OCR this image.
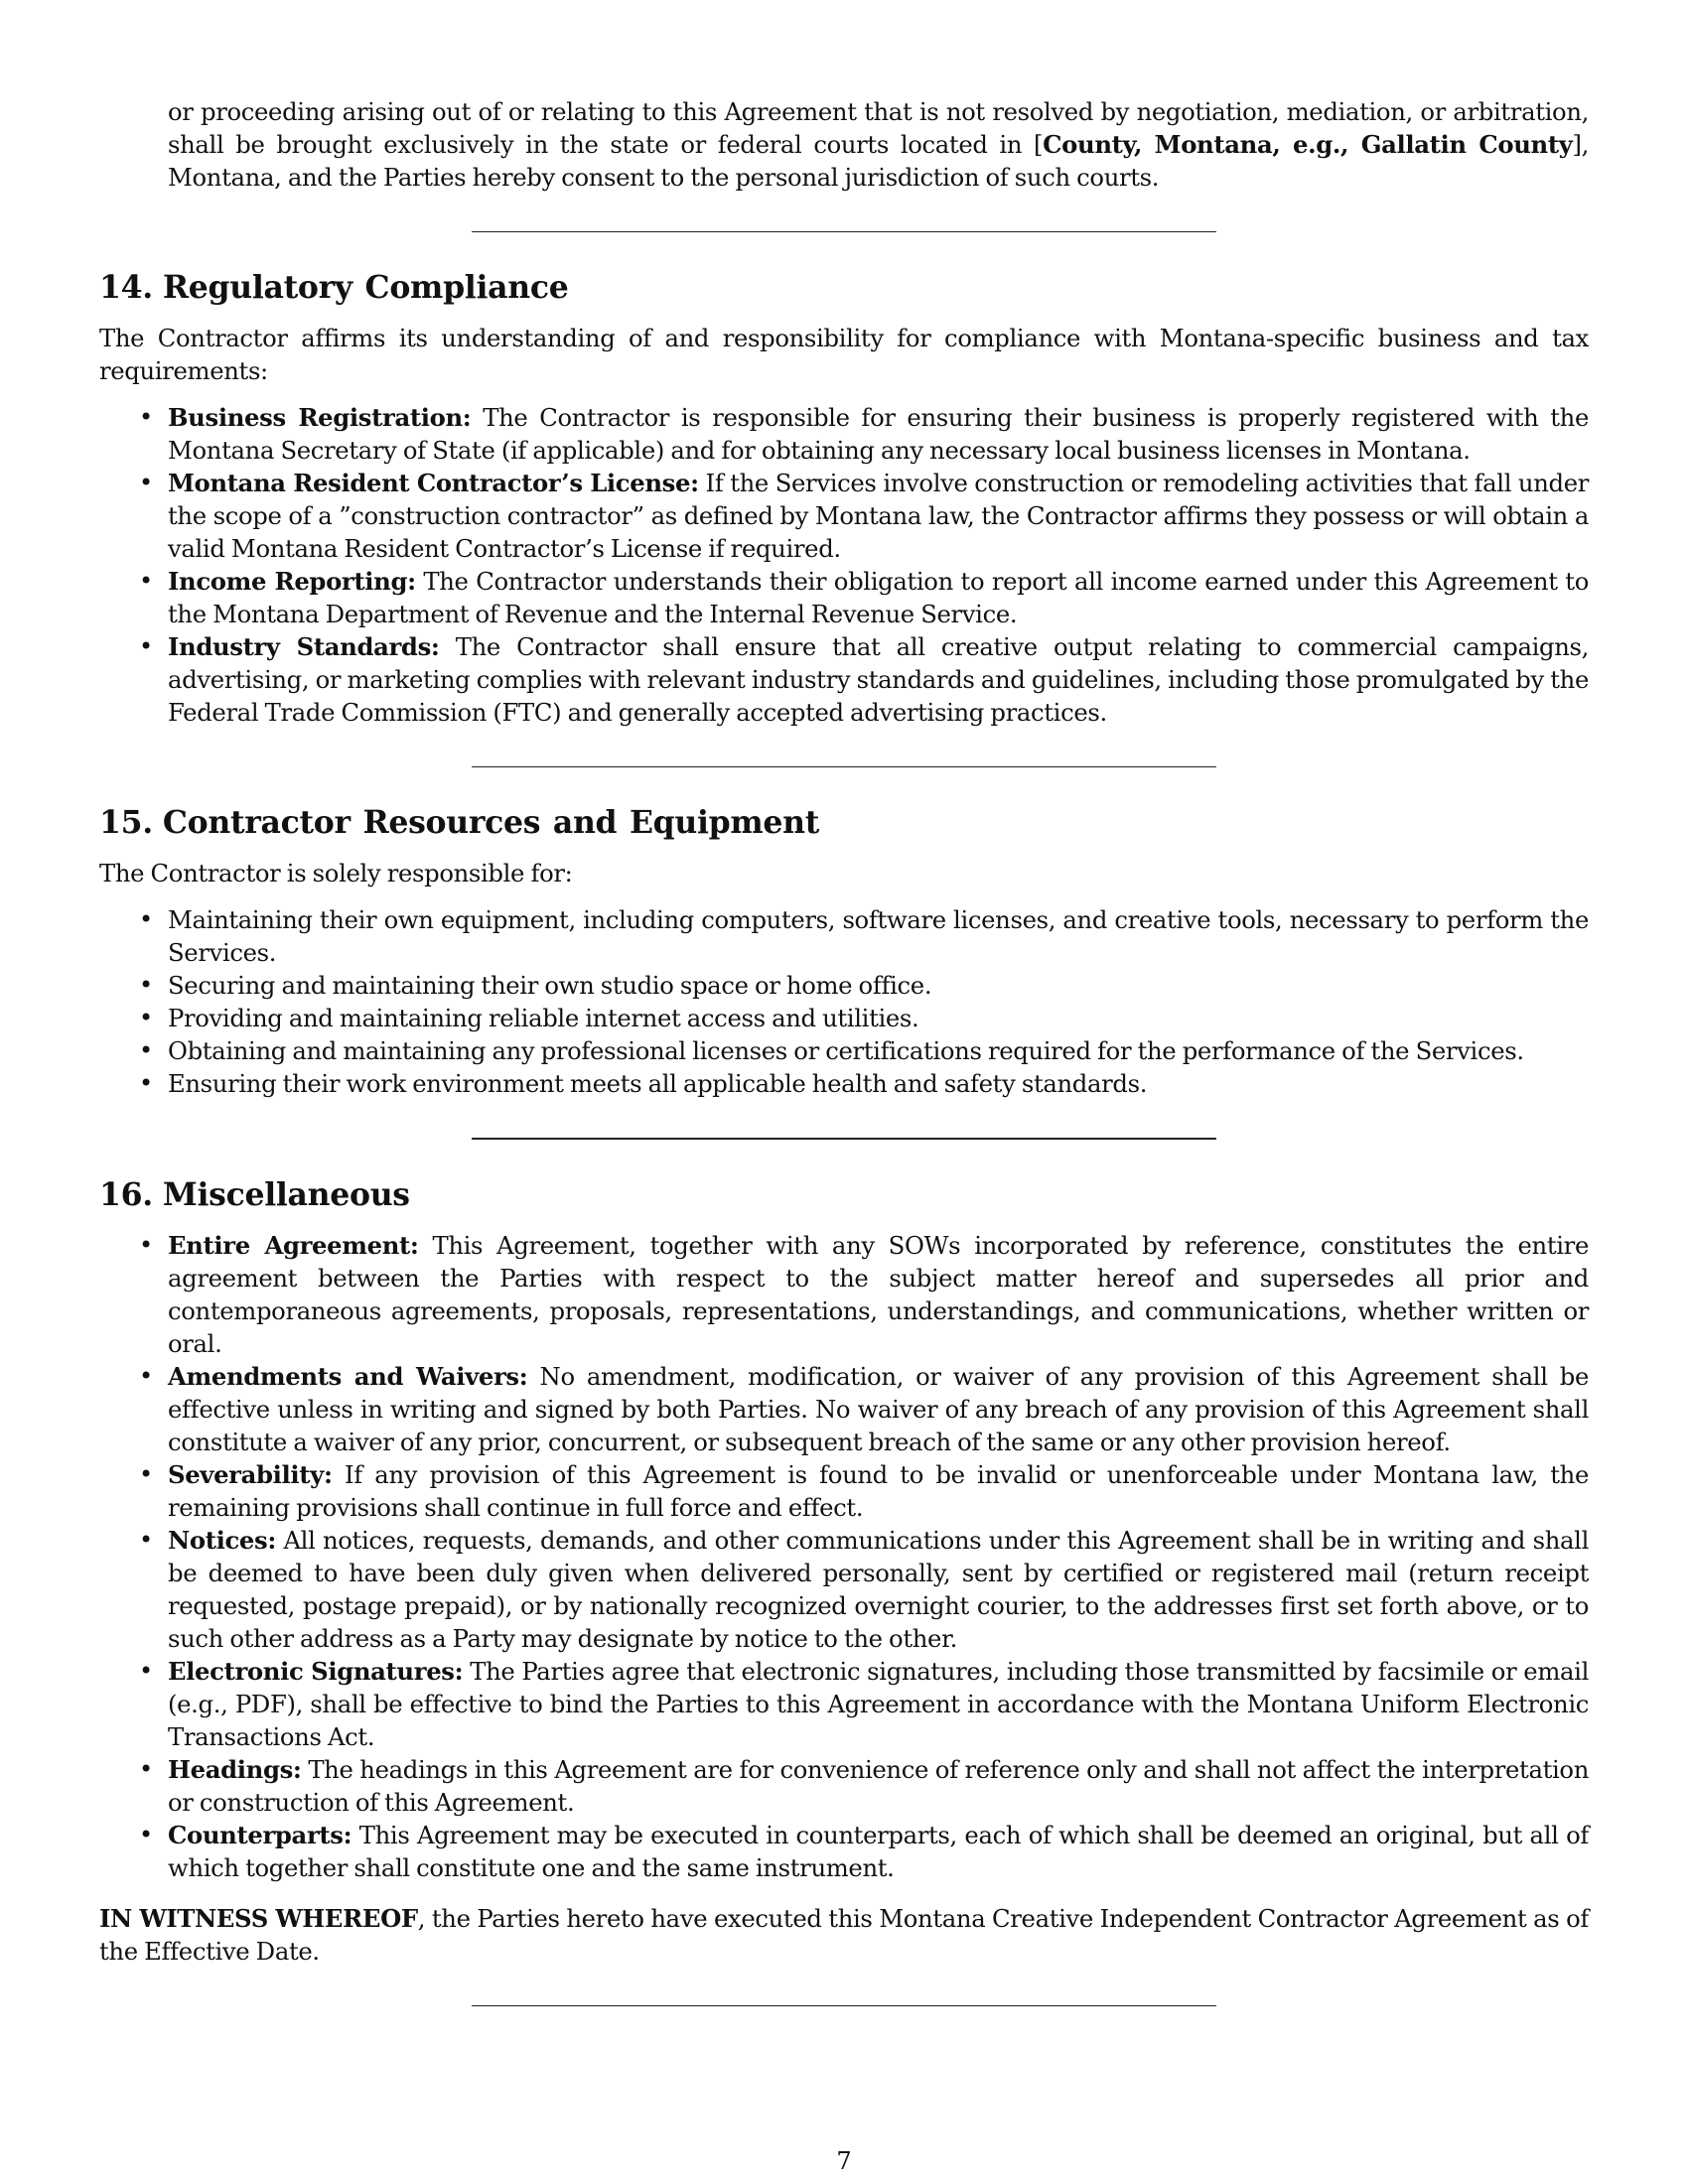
or proceeding arising out of or relating to this Agreement that is not resolved by negotiation, mediation, or arbitration, shall be brought exclusively in the state or federal courts located in [County, Montana, e.g., Gallatin County], Montana, and the Parties hereby consent to the personal jurisdiction of such courts.

14. Regulatory Compliance

The Contractor affirms its understanding of and responsibility for compliance with Montana-specific business and tax requirements:

• Business Registration: The Contractor is responsible for ensuring their business is properly registered with the Montana Secretary of State (if applicable) and for obtaining any necessary local business licenses in Montana.
• Montana Resident Contractor’s License: If the Services involve construction or remodeling activities that fall under the scope of a ”construction contractor” as defined by Montana law, the Contractor affirms they possess or will obtain a valid Montana Resident Contractor’s License if required.
• Income Reporting: The Contractor understands their obligation to report all income earned under this Agreement to the Montana Department of Revenue and the Internal Revenue Service.
• Industry Standards: The Contractor shall ensure that all creative output relating to commercial campaigns, advertising, or marketing complies with relevant industry standards and guidelines, including those promulgated by the Federal Trade Commission (FTC) and generally accepted advertising practices.
15. Contractor Resources and Equipment

The Contractor is solely responsible for:

• Maintaining their own equipment, including computers, software licenses, and creative tools, necessary to perform the Services.
• Securing and maintaining their own studio space or home office.
• Providing and maintaining reliable internet access and utilities.
• Obtaining and maintaining any professional licenses or certifications required for the performance of the Services.
• Ensuring their work environment meets all applicable health and safety standards.
16. Miscellaneous
• Entire Agreement: This Agreement, together with any SOWs incorporated by reference, constitutes the entire agreement between the Parties with respect to the subject matter hereof and supersedes all prior and contemporaneous agreements, proposals, representations, understandings, and communications, whether written or oral.
• Amendments and Waivers: No amendment, modification, or waiver of any provision of this Agreement shall be effective unless in writing and signed by both Parties. No waiver of any breach of any provision of this Agreement shall constitute a waiver of any prior, concurrent, or subsequent breach of the same or any other provision hereof.
• Severability: If any provision of this Agreement is found to be invalid or unenforceable under Montana law, the remaining provisions shall continue in full force and effect.
• Notices: All notices, requests, demands, and other communications under this Agreement shall be in writing and shall be deemed to have been duly given when delivered personally, sent by certified or registered mail (return receipt requested, postage prepaid), or by nationally recognized overnight courier, to the addresses first set forth above, or to such other address as a Party may designate by notice to the other.
• Electronic Signatures: The Parties agree that electronic signatures, including those transmitted by facsimile or email (e.g., PDF), shall be effective to bind the Parties to this Agreement in accordance with the Montana Uniform Electronic Transactions Act.
• Headings: The headings in this Agreement are for convenience of reference only and shall not affect the interpretation or construction of this Agreement.
• Counterparts: This Agreement may be executed in counterparts, each of which shall be deemed an original, but all of which together shall constitute one and the same instrument.

IN WITNESS WHEREOF, the Parties hereto have executed this Montana Creative Independent Contractor Agreement as of the Effective Date.

7
